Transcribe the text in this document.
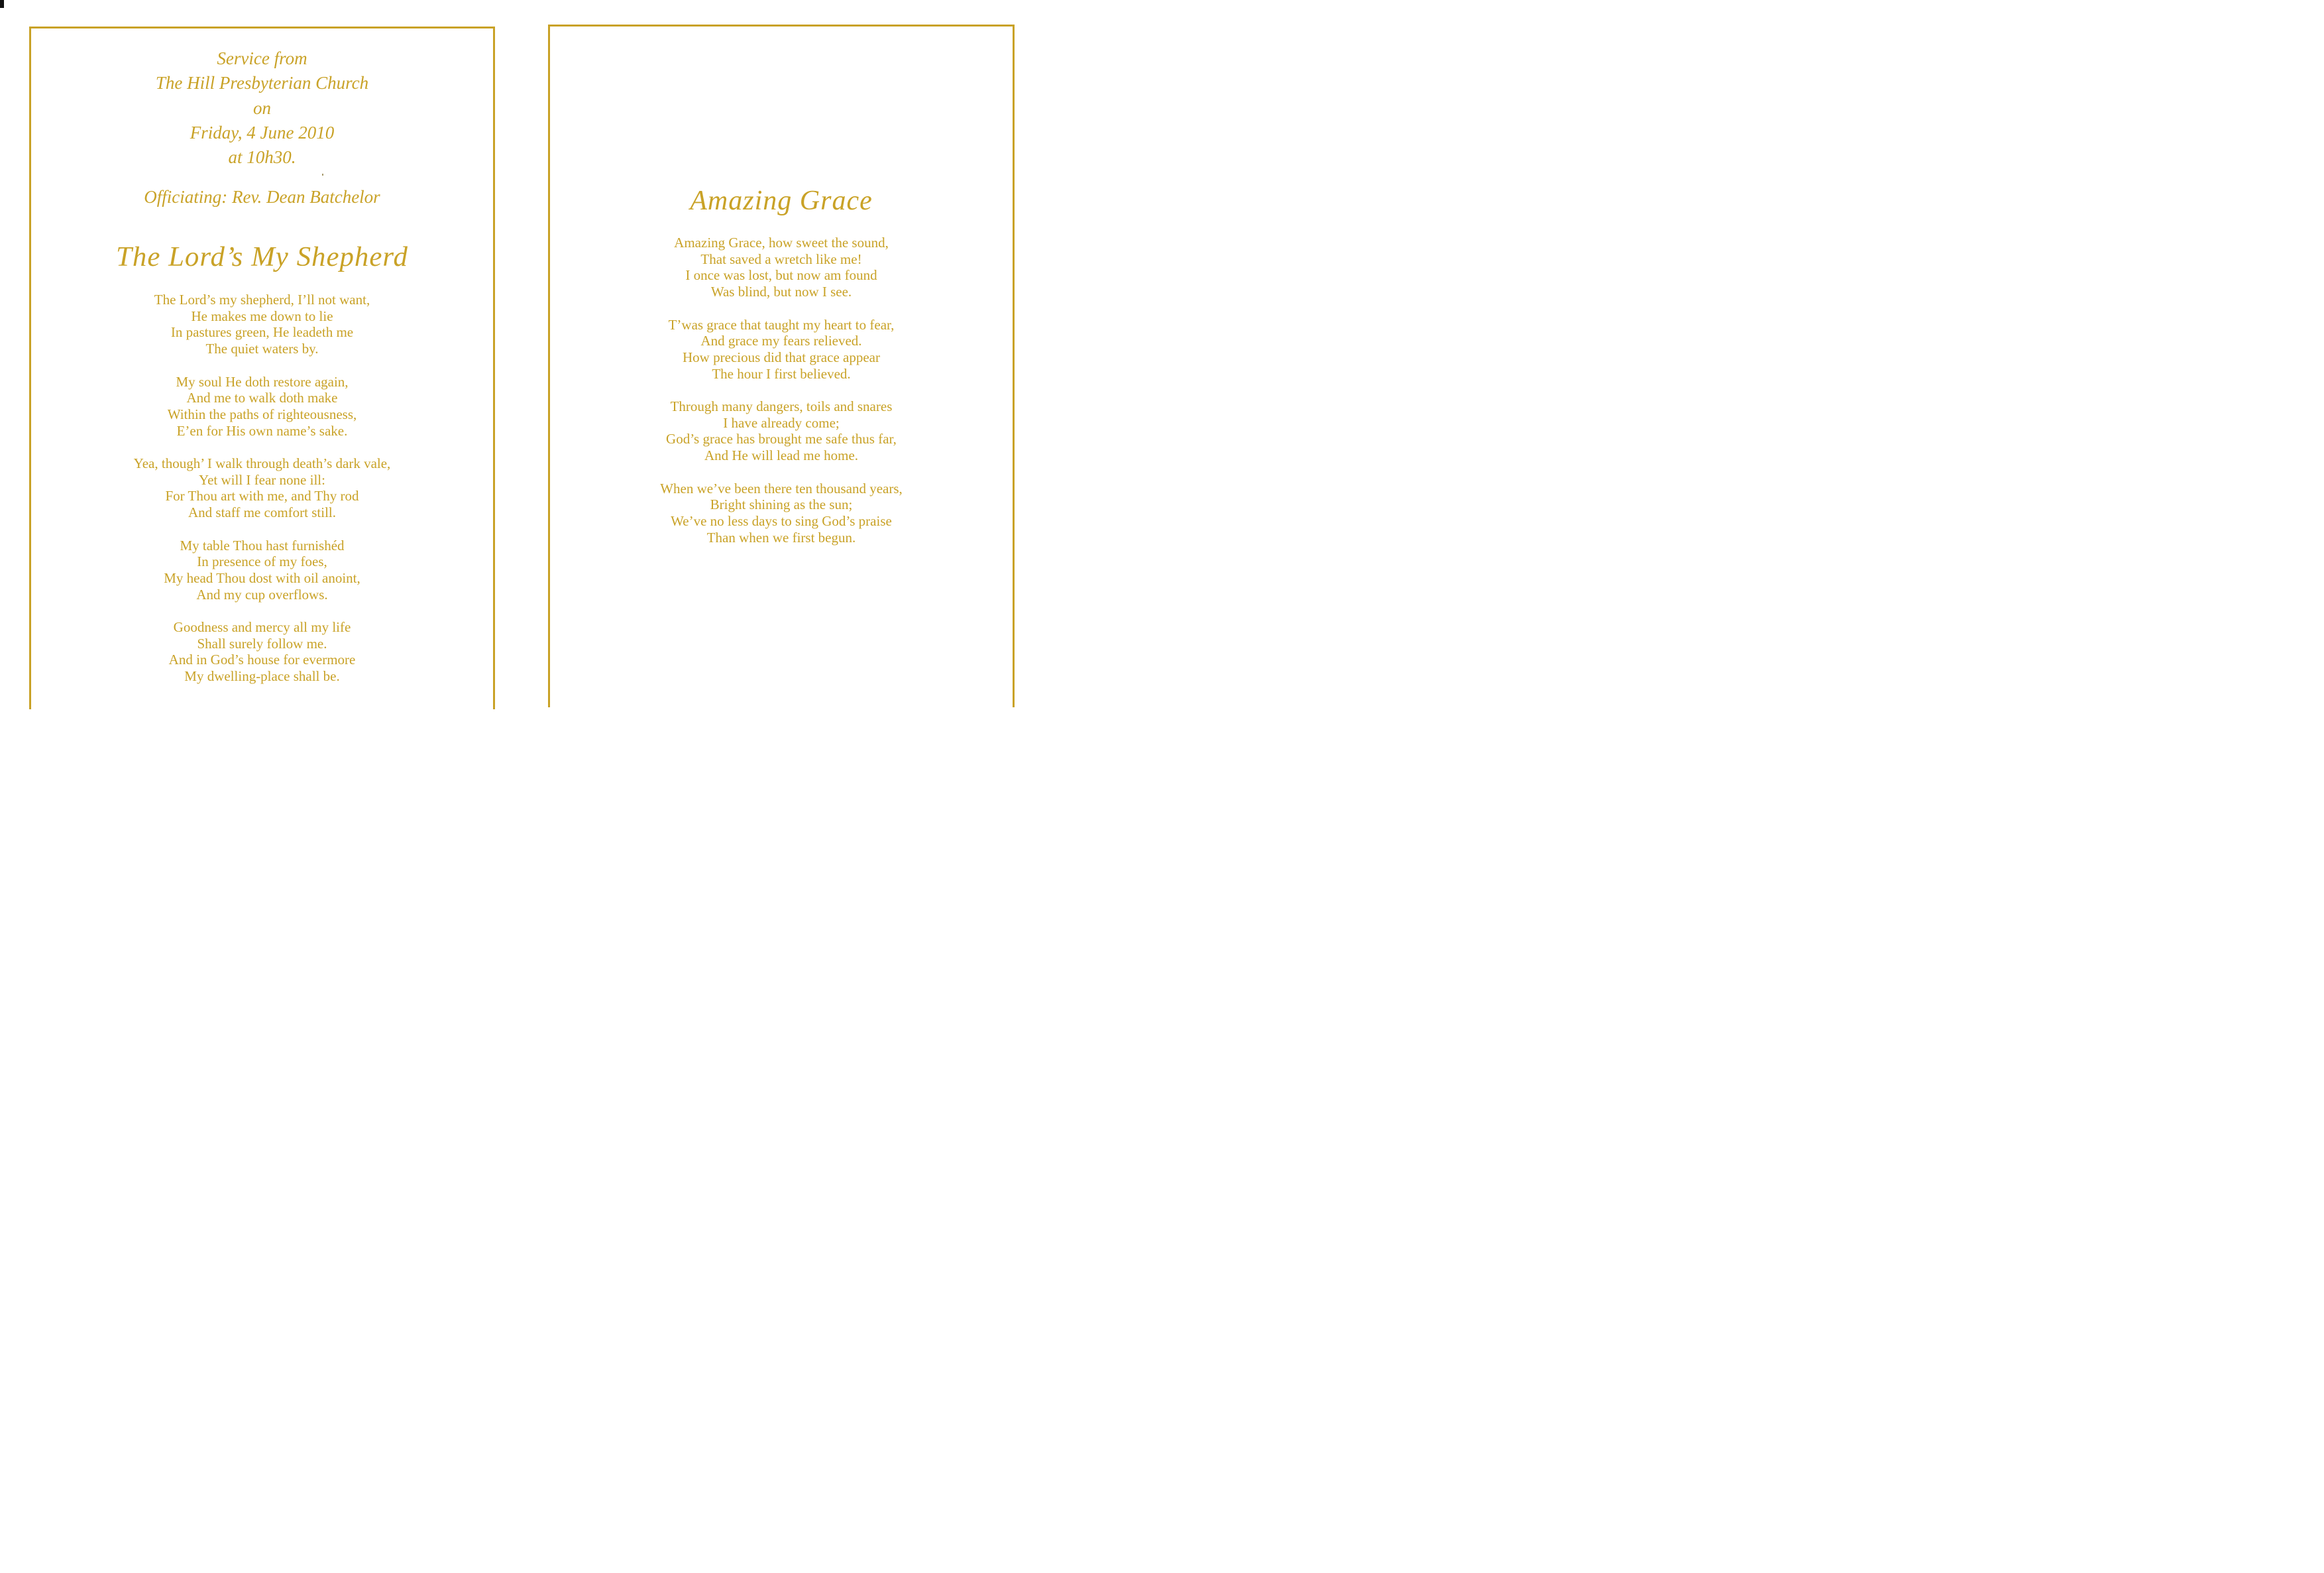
Service from
The Hill Presbyterian Church
on
Friday, 4 June 2010
at 10h30.
Officiating: Rev. Dean Batchelor
The Lord’s My Shepherd
The Lord’s my shepherd, I’ll not want,
He makes me down to lie
In pastures green, He leadeth me
The quiet waters by.
My soul He doth restore again,
And me to walk doth make
Within the paths of righteousness,
E’en for His own name’s sake.
Yea, though’ I walk through death’s dark vale,
Yet will I fear none ill:
For Thou art with me, and Thy rod
And staff me comfort still.
My table Thou hast furnishéd
In presence of my foes,
My head Thou dost with oil anoint,
And my cup overflows.
Goodness and mercy all my life
Shall surely follow me.
And in God’s house for evermore
My dwelling-place shall be.
Amazing Grace
Amazing Grace, how sweet the sound,
That saved a wretch like me!
I once was lost, but now am found
Was blind, but now I see.
T’was grace that taught my heart to fear,
And grace my fears relieved.
How precious did that grace appear
The hour I first believed.
Through many dangers, toils and snares
I have already come;
God’s grace has brought me safe thus far,
And He will lead me home.
When we’ve been there ten thousand years,
Bright shining as the sun;
We’ve no less days to sing God’s praise
Than when we first begun.
